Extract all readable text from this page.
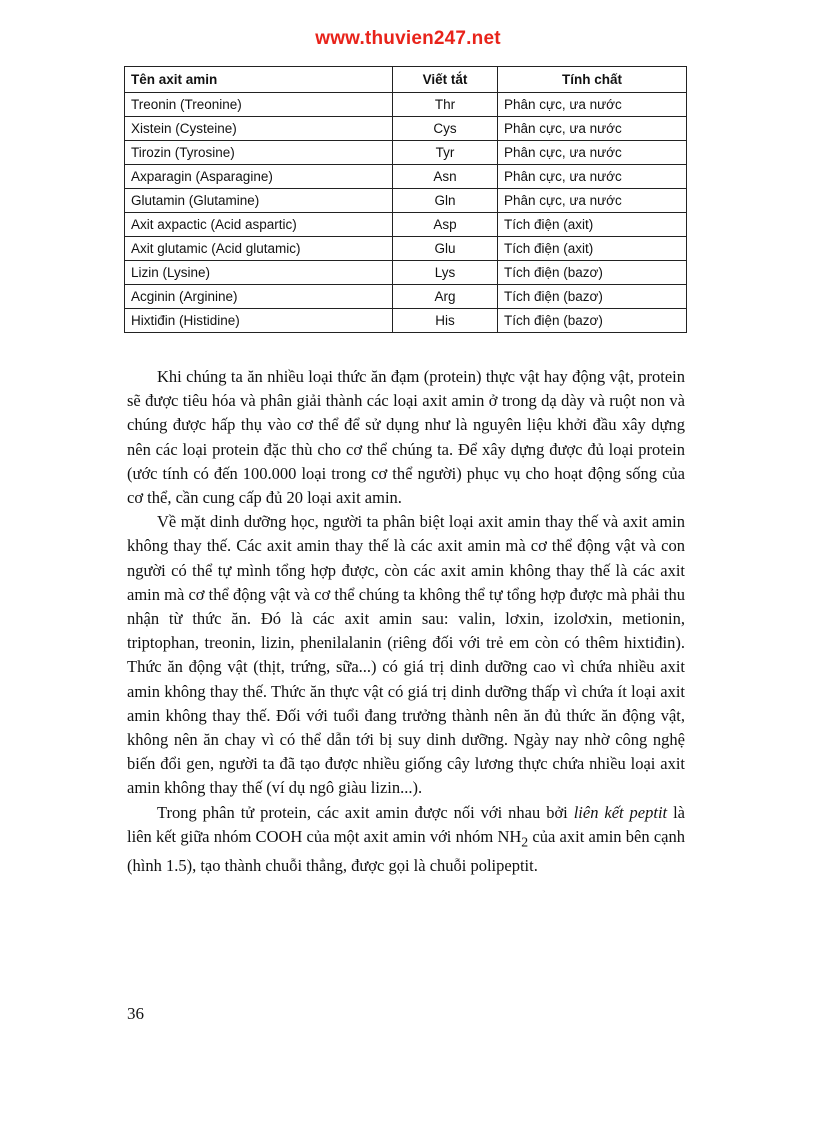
www.thuvien247.net
Tên axit amin	Viết tắt	Tính chất
Treonin (Treonine)	Thr	Phân cực, ưa nước
Xistein (Cysteine)	Cys	Phân cực, ưa nước
Tirozin (Tyrosine)	Tyr	Phân cực, ưa nước
Axparagin (Asparagine)	Asn	Phân cực, ưa nước
Glutamin (Glutamine)	Gln	Phân cực, ưa nước
Axit axpactic (Acid aspartic)	Asp	Tích điện (axit)
Axit glutamic (Acid glutamic)	Glu	Tích điện (axit)
Lizin (Lysine)	Lys	Tích điện (bazơ)
Acginin (Arginine)	Arg	Tích điện (bazơ)
Hixtiđin (Histidine)	His	Tích điện (bazơ)

Khi chúng ta ăn nhiều loại thức ăn đạm (protein) thực vật hay động vật, protein sẽ được tiêu hóa và phân giải thành các loại axit amin ở trong dạ dày và ruột non và chúng được hấp thụ vào cơ thể để sử dụng như là nguyên liệu khởi đầu xây dựng nên các loại protein đặc thù cho cơ thể chúng ta. Để xây dựng được đủ loại protein (ước tính có đến 100.000 loại trong cơ thể người) phục vụ cho hoạt động sống của cơ thể, cần cung cấp đủ 20 loại axit amin.

Về mặt dinh dưỡng học, người ta phân biệt loại axit amin thay thế và axit amin không thay thế. Các axit amin thay thế là các axit amin mà cơ thể động vật và con người có thể tự mình tổng hợp được, còn các axit amin không thay thế là các axit amin mà cơ thể động vật và cơ thể chúng ta không thể tự tổng hợp được mà phải thu nhận từ thức ăn. Đó là các axit amin sau: valin, lơxin, izolơxin, metionin, triptophan, treonin, lizin, phenilalanin (riêng đối với trẻ em còn có thêm hixtiđin). Thức ăn động vật (thịt, trứng, sữa...) có giá trị dinh dưỡng cao vì chứa nhiều axit amin không thay thế. Thức ăn thực vật có giá trị dinh dưỡng thấp vì chứa ít loại axit amin không thay thế. Đối với tuổi đang trưởng thành nên ăn đủ thức ăn động vật, không nên ăn chay vì có thể dẫn tới bị suy dinh dưỡng. Ngày nay nhờ công nghệ biến đổi gen, người ta đã tạo được nhiều giống cây lương thực chứa nhiều loại axit amin không thay thế (ví dụ ngô giàu lizin...).

Trong phân tử protein, các axit amin được nối với nhau bởi liên kết peptit là liên kết giữa nhóm COOH của một axit amin với nhóm $NH_2$ của axit amin bên cạnh (hình 1.5), tạo thành chuỗi thẳng, được gọi là chuỗi polipeptit.

36
